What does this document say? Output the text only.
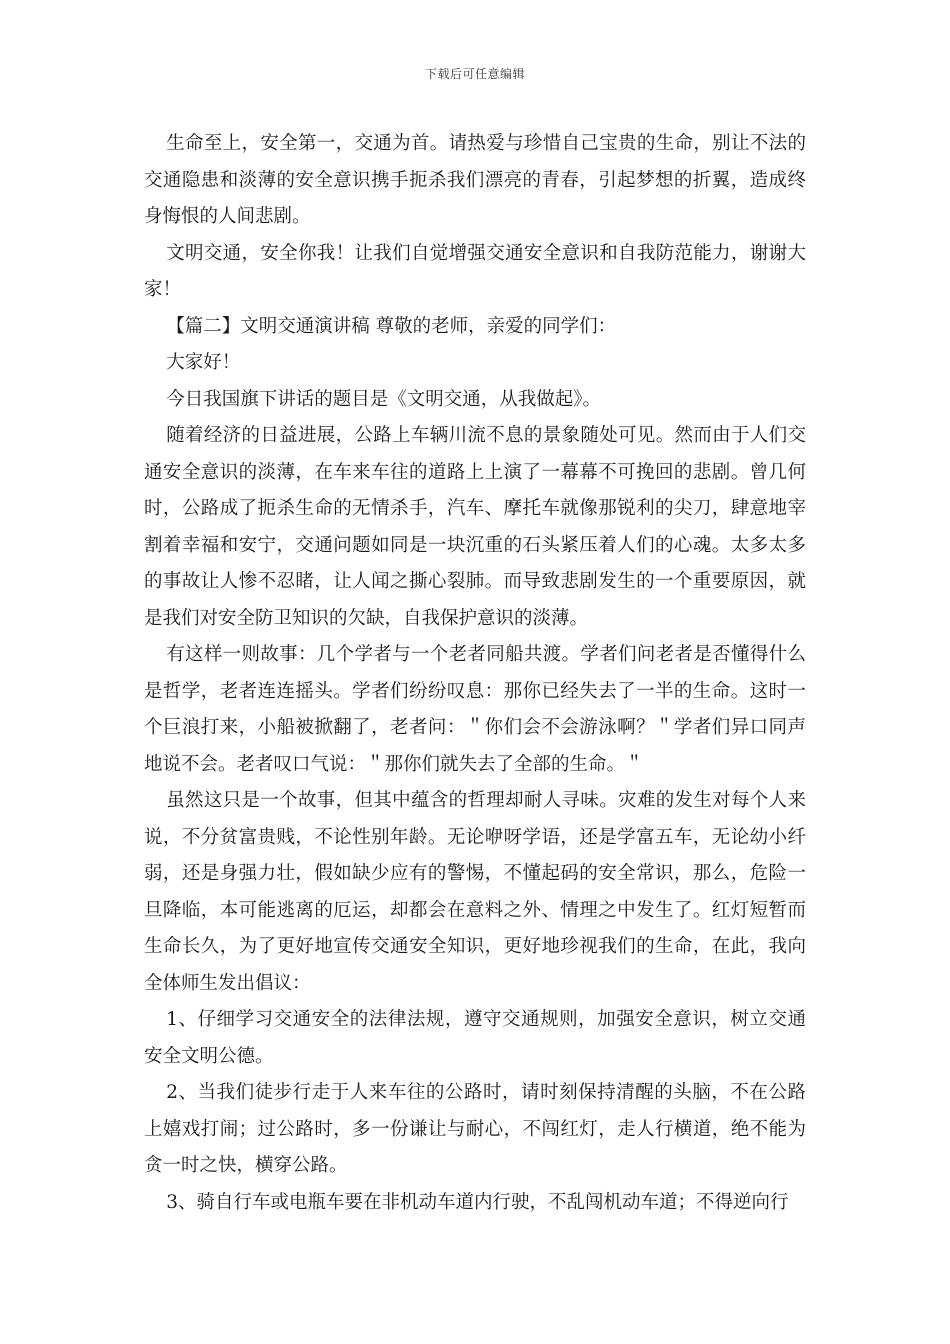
下载后可任意编辑

生命至上，安全第一，交通为首。请热爱与珍惜自己宝贵的生命，别让不法的交通隐患和淡薄的安全意识携手扼杀我们漂亮的青春，引起梦想的折翼，造成终身悔恨的人间悲剧。

文明交通，安全你我！让我们自觉增强交通安全意识和自我防范能力，谢谢大家！

【篇二】文明交通演讲稿 尊敬的老师，亲爱的同学们：

大家好！

今日我国旗下讲话的题目是《文明交通，从我做起》。

随着经济的日益进展，公路上车辆川流不息的景象随处可见。然而由于人们交通安全意识的淡薄，在车来车往的道路上上演了一幕幕不可挽回的悲剧。曾几何时，公路成了扼杀生命的无情杀手，汽车、摩托车就像那锐利的尖刀，肆意地宰割着幸福和安宁，交通问题如同是一块沉重的石头紧压着人们的心魂。太多太多的事故让人惨不忍睹，让人闻之撕心裂肺。而导致悲剧发生的一个重要原因，就是我们对安全防卫知识的欠缺，自我保护意识的淡薄。

有这样一则故事：几个学者与一个老者同船共渡。学者们问老者是否懂得什么是哲学，老者连连摇头。学者们纷纷叹息：那你已经失去了一半的生命。这时一个巨浪打来，小船被掀翻了，老者问：＂你们会不会游泳啊？＂学者们异口同声地说不会。老者叹口气说：＂那你们就失去了全部的生命。＂

虽然这只是一个故事，但其中蕴含的哲理却耐人寻味。灾难的发生对每个人来说，不分贫富贵贱，不论性别年龄。无论咿呀学语，还是学富五车，无论幼小纤弱，还是身强力壮，假如缺少应有的警惕，不懂起码的安全常识，那么，危险一旦降临，本可能逃离的厄运，却都会在意料之外、情理之中发生了。红灯短暂而生命长久，为了更好地宣传交通安全知识，更好地珍视我们的生命，在此，我向全体师生发出倡议：

1、仔细学习交通安全的法律法规，遵守交通规则，加强安全意识，树立交通安全文明公德。

2、当我们徒步行走于人来车往的公路时，请时刻保持清醒的头脑，不在公路上嬉戏打闹；过公路时，多一份谦让与耐心，不闯红灯，走人行横道，绝不能为贪一时之快，横穿公路。

3、骑自行车或电瓶车要在非机动车道内行驶，不乱闯机动车道；不得逆向行
